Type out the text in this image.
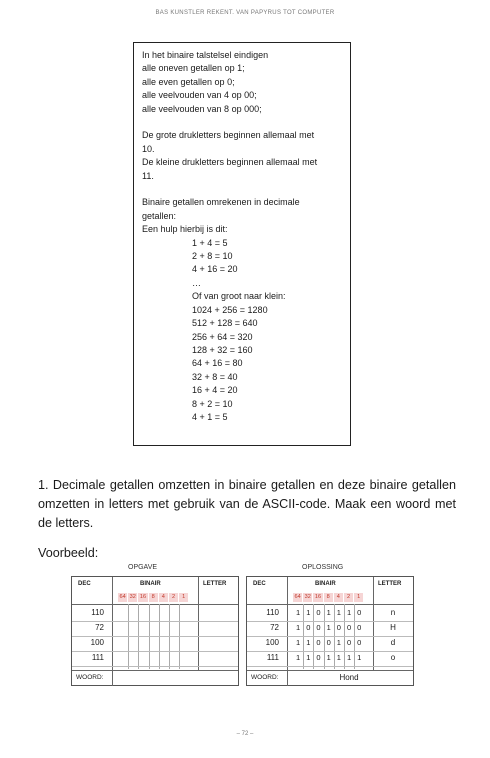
BAS KUNSTLER REKENT. VAN PAPYRUS TOT COMPUTER
In het binaire talstelsel eindigen
alle oneven getallen op 1;
alle even getallen op 0;
alle veelvouden van 4 op 00;
alle veelvouden van 8 op 000;
De grote drukletters beginnen allemaal met
10.
De kleine drukletters beginnen allemaal met
11.
Binaire getallen omrekenen in decimale
getallen:
Een hulp hierbij is dit:
1 + 4 = 5
2 + 8 = 10
4 + 16 = 20
…
Of van groot naar klein:
1024 + 256 = 1280
512 + 128 = 640
256 + 64 = 320
128 + 32 = 160
64 + 16 = 80
32 + 8 = 40
16 + 4 = 20
8 + 2 = 10
4 + 1 = 5
1. Decimale getallen omzetten in binaire getallen en deze binaire getallen omzetten in letters met gebruik van de ASCII-code. Maak een woord met de letters.
Voorbeeld:
OPGAVE	OPLOSSING
DEC	BINAIR	LETTER
64 32 16 8	4	2	1
110
72
100
111
WOORD:
DEC	BINAIR	LETTER
64 32 16 8	4	2	1
110	1 1 0 1 1 1 0	n
72	1 0 0 1 0 0 0	H
100	1 1 0 0 1 0 0	d
111	1 1 0 1 1 1 1	o
WOORD:	Hond
– 72 –
